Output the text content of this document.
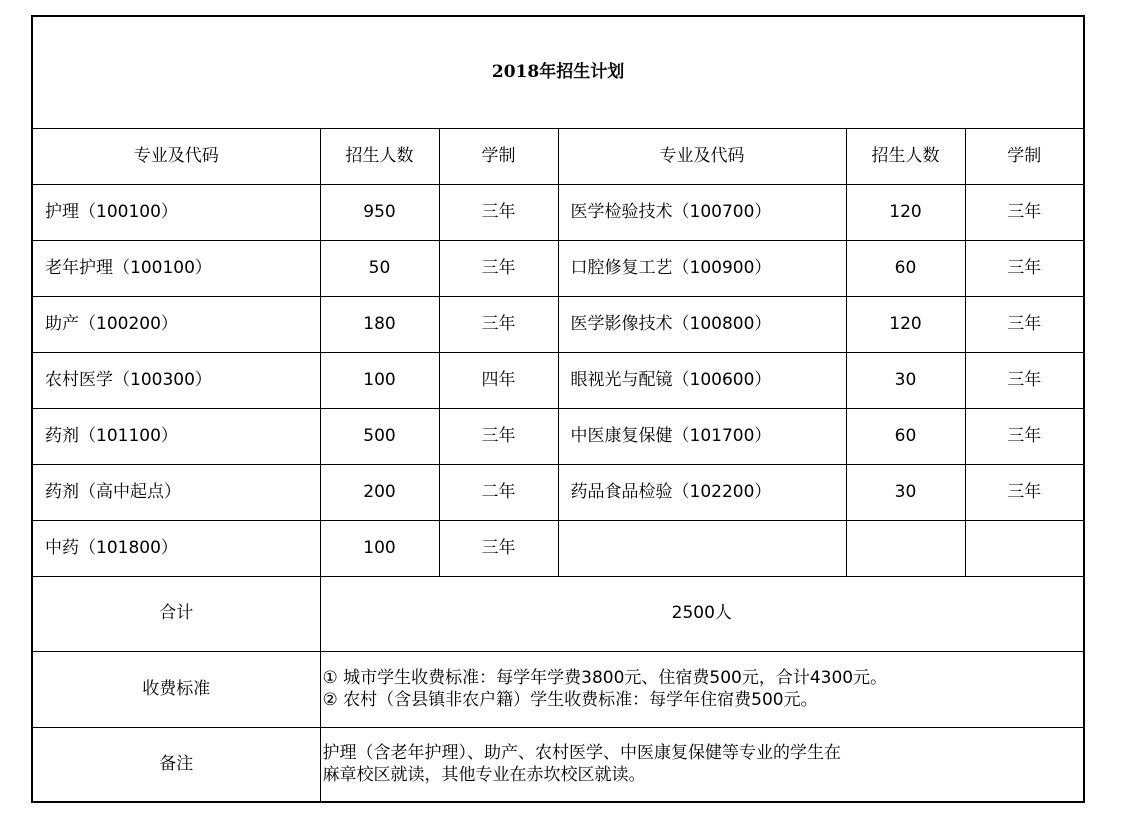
2018年招生计划					
专业及代码	招生人数	学制	专业及代码	招生人数	学制
护理（100100）	950	三年	医学检验技术（100700）	120	三年
老年护理（100100）	50	三年	口腔修复工艺（100900）	60	三年
助产（100200）	180	三年	医学影像技术（100800）	120	三年
农村医学（100300）	100	四年	眼视光与配镜（100600）	30	三年
药剂（101100）	500	三年	中医康复保健（101700）	60	三年
药剂（高中起点）	200	二年	药品食品检验（102200）	30	三年
中药（101800）	100	三年			
合计	2500人				
收费标准	① 城市学生收费标准：每学年学费3800元、住宿费500元，合计4300元。
② 农村（含县镇非农户籍）学生收费标准：每学年住宿费500元。				

备注	护理（含老年护理）、助产、农村医学、中医康复保健等专业的学生在
麻章校区就读，其他专业在赤坎校区就读。				
